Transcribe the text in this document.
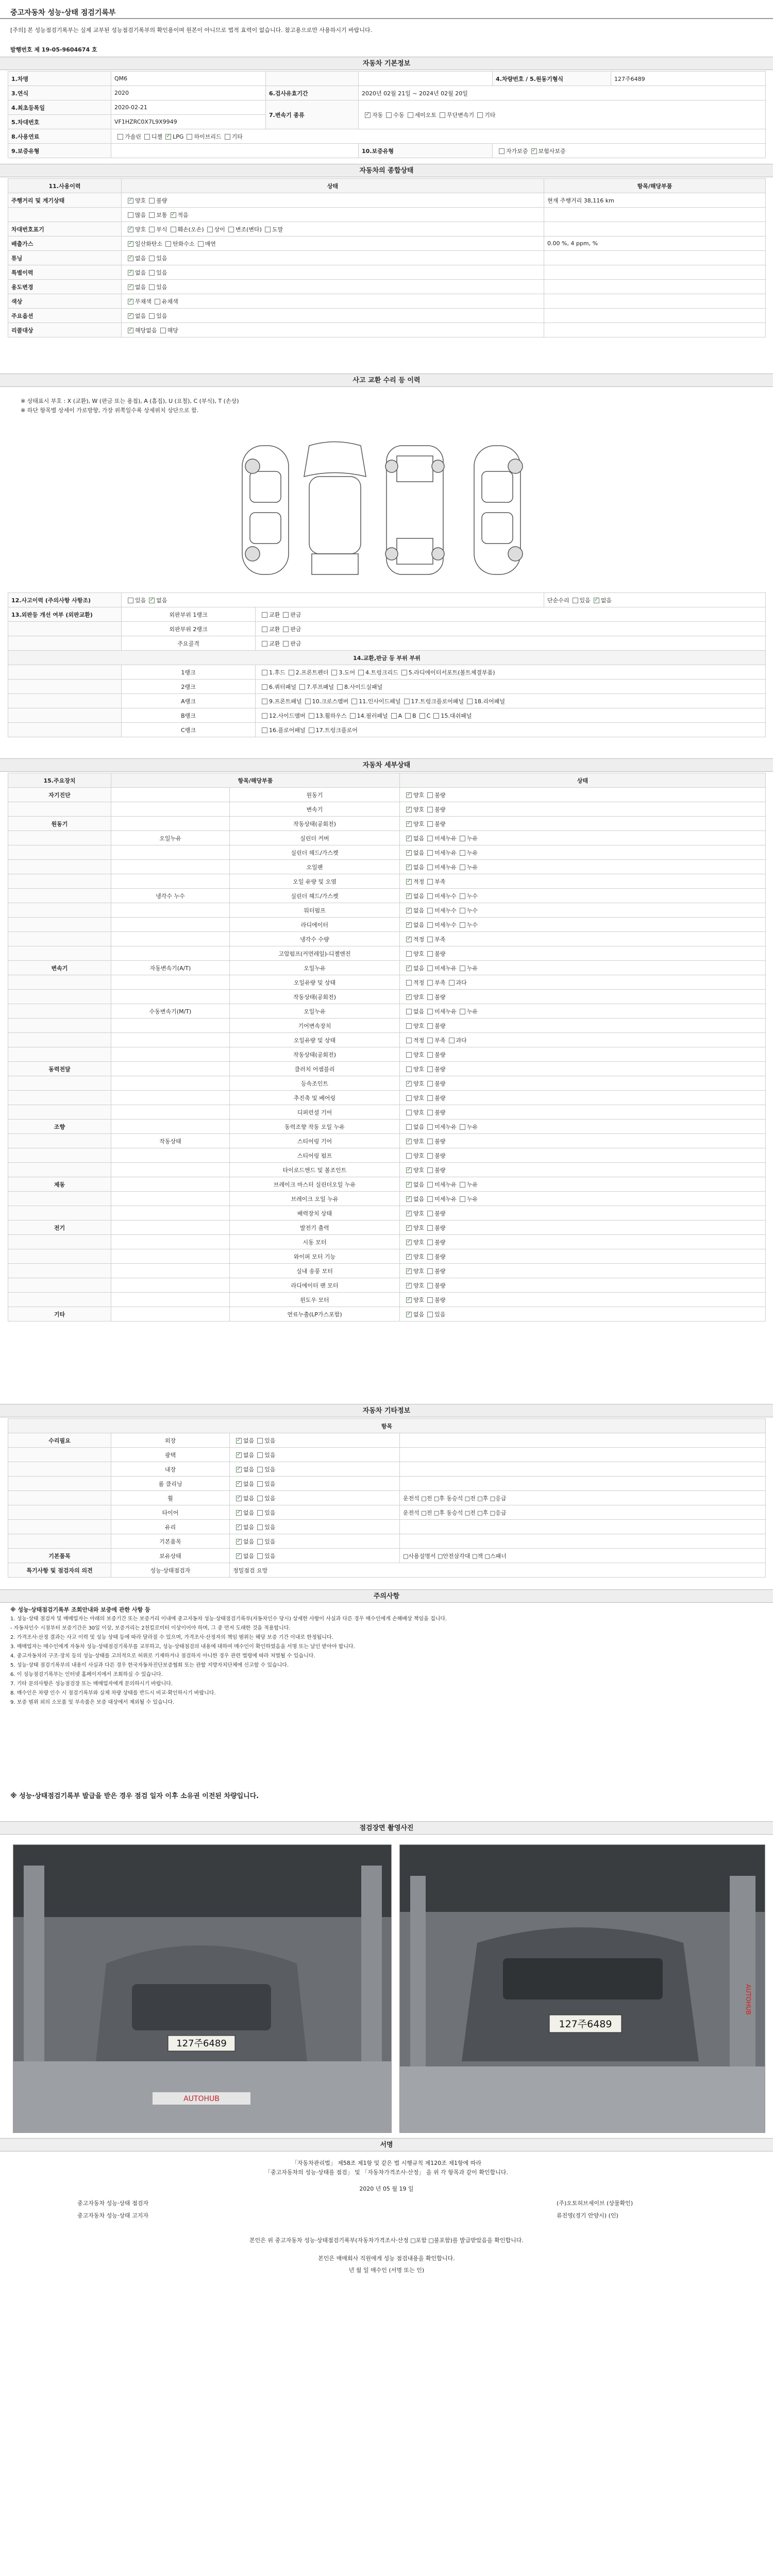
중고자동차 성능·상태 점검기록부
[주의] 본 성능점검기록부는 실제 교부된 성능점검기록부의 확인용이며 원본이 아니므로 법적 효력이 없습니다. 참고용으로만 사용하시기 바랍니다.
발행번호 제 19-05-9604674 호
자동차 기본정보
1.차명	QM6			4.차량번호 / 5.원동기형식	127주6489
3.연식	2020	6.검사유효기간	2020년 02월 21일 ~ 2024년 02월 20일		
4.최초등록일	2020-02-21	7.변속기 종류	✓자동 수동 세미오토 무단변속기 기타
5.차대번호	VF1HZRC0X7L9X9949				
8.사용연료	가솔린 디젤 ✓ LPG 하이브리드 기타
9.보증유형			10.보증유형	자가보증 ✓ 보험사보증
자동차의 종합상태
11.사용이력	상태	항목/해당부품
주행거리 및 계기상태	✓양호 불량	현재 주행거리 38,116 km
	많음 보통 ✓ 적음	
차대번호표기	✓양호 부식 훼손(오손) 상이 변조(변타) 도말	
배출가스	✓일산화탄소 탄화수소 매연	0.00 %, 4 ppm, %
튜닝	✓없음 있음	
특별이력	✓없음 있음	
용도변경	✓없음 있음	
색상	✓무채색 유채색	
주요옵션	✓없음 있음	
리콜대상	✓해당없음 해당	
사고 교환 수리 등 이력
※ 상태표시 부호 : X (교환), W (판금 또는 용접), A (흠집), U (요철), C (부식), T (손상)
※ 하단 항목별 상세이 가로방향, 가장 위쪽일수록 상세위치 상단으로 함.
12.사고이력 (주의사항 사항조)	있음 ✓ 없음		단순수리 있음 ✓ 없음
13.외판등 개선 여부 (외판교환)	외판부위 1랭크	교환 판금	
	외판부위 2랭크	교환 판금	
	주요골격	교환 판금	
14.교환,판금 등 부위 부위			
	1랭크	1.후드 2.프론트펜더 3.도어 4.트렁크리드 5.라디에이터서포트(볼트체결부품)	
	2랭크	6.쿼터패널 7.루프패널 8.사이드실패널	
	A랭크	9.프론트패널 10.크로스멤버 11.인사이드패널 17.트렁크플로어패널 18.리어패널	
	B랭크	12.사이드멤버 13.휠하우스 14.필러패널 A B C 15.대쉬패널	
	C랭크	16.플로어패널 17.트렁크플로어	
자동차 세부상태
15.주요장치	항목/해당부품		상태
자기진단		원동기	✓양호 불량
		변속기	✓양호 불량
원동기		작동상태(공회전)	✓양호 불량
	오일누유	실린더 커버	✓없음 미세누유 누유
		실린더 헤드/가스켓	✓없음 미세누유 누유
		오일팬	✓없음 미세누유 누유
		오일 유량 및 오염	✓적정 부족
	냉각수 누수	실린더 헤드/가스켓	✓없음 미세누수 누수
		워터펌프	✓없음 미세누수 누수
		라디에이터	✓없음 미세누수 누수
		냉각수 수량	✓적정 부족
		고압펌프(커먼레일)-디젤엔진	양호 불량
변속기	자동변속기(A/T)	오일누유	✓없음 미세누유 누유
		오일유량 및 상태	적정 부족 과다
		작동상태(공회전)	✓양호 불량
	수동변속기(M/T)	오일누유	없음 미세누유 누유
		기어변속장치	양호 불량
		오일유량 및 상태	적정 부족 과다
		작동상태(공회전)	양호 불량
동력전달		클러치 어셈블리	양호 불량
		등속조인트	✓양호 불량
		추진축 및 베어링	양호 불량
		디퍼런셜 기어	양호 불량
조향		동력조향 작동 오일 누유	없음 미세누유 누유
	작동상태	스티어링 기어	✓양호 불량
		스티어링 펌프	양호 불량
		타이로드엔드 및 볼조인트	✓양호 불량
제동		브레이크 마스터 실린더오일 누유	✓없음 미세누유 누유
		브레이크 오일 누유	✓없음 미세누유 누유
		배력장치 상태	✓양호 불량
전기		발전기 출력	✓양호 불량
		시동 모터	✓양호 불량
		와이퍼 모터 기능	✓양호 불량
		실내 송풍 모터	✓양호 불량
		라디에이터 팬 모터	✓양호 불량
		윈도우 모터	✓양호 불량
기타		연료누출(LP가스포함)	✓없음 있음
자동차 기타정보
항목			
수리필요	외장	✓없음 있음	
	광택	✓없음 있음	
	내장	✓없음 있음	
	룸 클리닝	✓없음 있음	
	휠	✓없음 있음	운전석 □전 □후 동승석 □전 □후 □응급
	타이어	✓없음 있음	운전석 □전 □후 동승석 □전 □후 □응급
	유리	✓없음 있음	
	기본품목	✓없음 있음	
기본품목	보유상태	✓없음 있음	□사용설명서 □안전삼각대 □잭 □스패너
특기사항 및 점검자의 의견	성능·상태점검자	정밀점검 요망	
주의사항
※ 성능·상태점검기록부 조회안내와 보증에 관한 사항 등
1. 성능·상태 점검자 및 매매업자는 아래의 보증기간 또는 보증거리 이내에 중고자동차 성능·상태점검기록부(자동차인수 당시) 상세한 사항이 사실과 다른 경우 매수인에게 손해배상 책임을 집니다.
- 자동차인수 시점부터 보증기간은 30일 이상, 보증거리는 2천킬로미터 이상이어야 하며, 그 중 먼저 도래한 것을 적용합니다.
2. 가격조사·산정 결과는 사고 이력 및 성능 상태 등에 따라 달라질 수 있으며, 가격조사·산정자의 책임 범위는 해당 보증 기간 이내로 한정됩니다.
3. 매매업자는 매수인에게 자동차 성능·상태점검기록부를 교부하고, 성능·상태점검의 내용에 대하여 매수인이 확인하였음을 서명 또는 날인 받아야 합니다.
4. 중고자동차의 구조·장치 등의 성능·상태를 고의적으로 허위로 기재하거나 점검하지 아니한 경우 관련 법령에 따라 처벌될 수 있습니다.
5. 성능·상태 점검기록부의 내용이 사실과 다른 경우 한국자동차진단보증협회 또는 관할 지방자치단체에 신고할 수 있습니다.
6. 이 성능점검기록부는 인터넷 홈페이지에서 조회하실 수 있습니다.
7. 기타 문의사항은 성능점검장 또는 매매업자에게 문의하시기 바랍니다.
8. 매수인은 차량 인수 시 점검기록부와 실제 차량 상태를 반드시 비교·확인하시기 바랍니다.
9. 보증 범위 외의 소모품 및 부속품은 보증 대상에서 제외될 수 있습니다.
※ 성능·상태점검기록부 발급을 받은 경우 점검 일자 이후 소유권 이전된 차량입니다.
점검장면 촬영사진
127주6489
AUTOHUB
127주6489
AUTOHUB
서명
「자동차관리법」 제58조 제1항 및 같은 법 시행규칙 제120조 제1항에 따라
「중고자동차의 성능·상태를 점검」 및 「자동차가격조사·산정」 을 위 각 항목과 같이 확인합니다.
2020 년 05 월 19 일
중고자동차 성능·상태 점검자	(주)오토허브세이브 (상물확인)
중고자동차 성능·상태 고지자	류진영(경기 안양시) (인)
본인은 위 중고자동차 성능·상태점검기록부(자동차가격조사·산정 □포함 □불포함)를 발급받았음을 확인합니다.
본인은 매매회사 직원에게 성능 점검내용을 확인합니다.
년 월 일 매수인 (서명 또는 인)
